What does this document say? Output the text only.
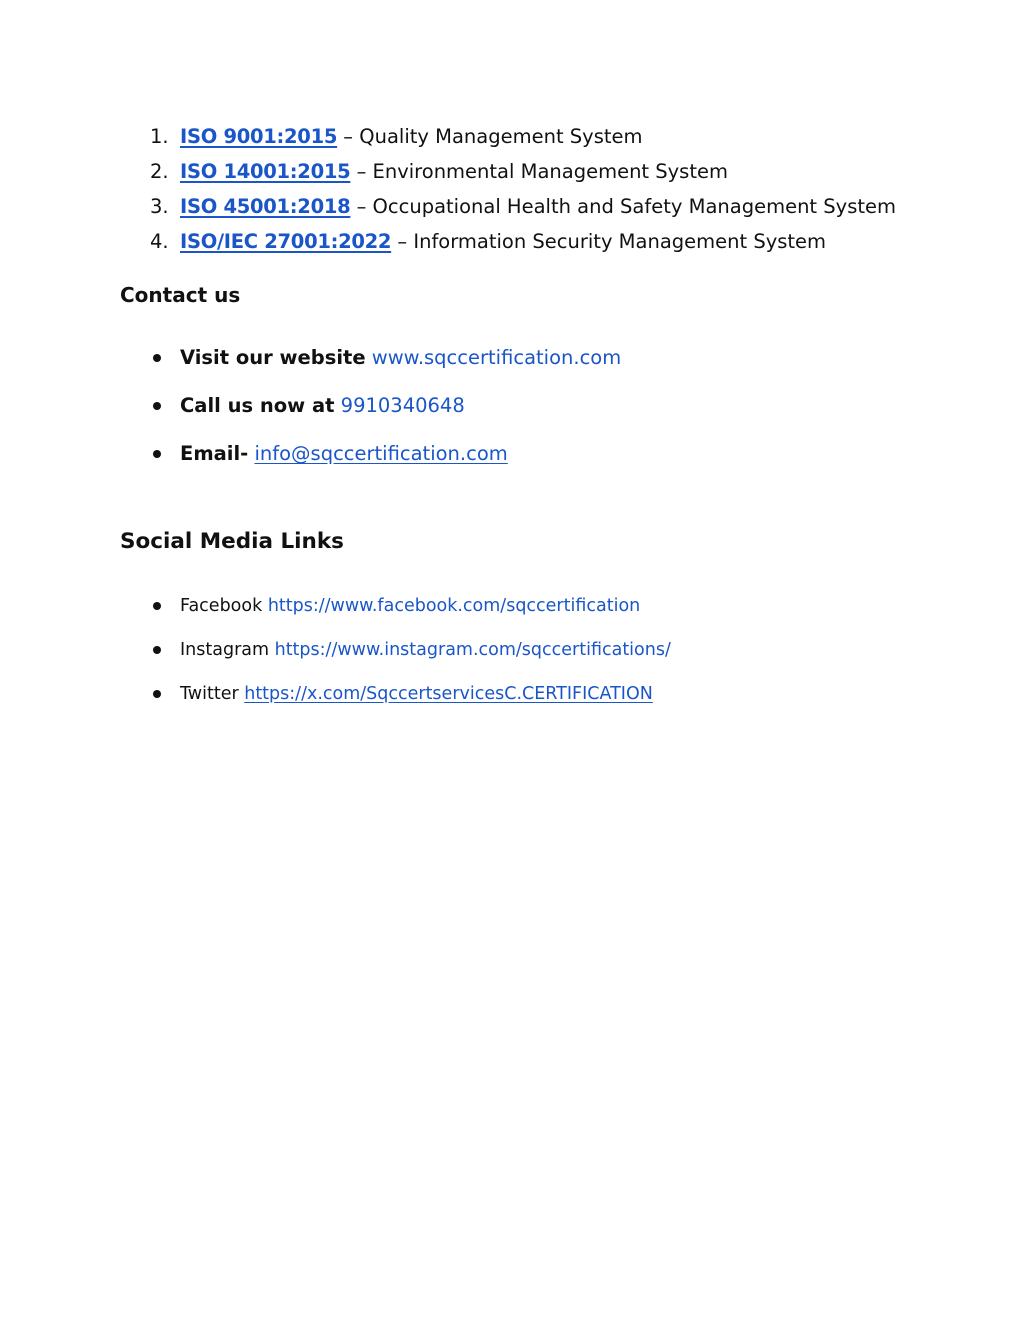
1. ISO 9001:2015 – Quality Management System
2. ISO 14001:2015 – Environmental Management System
3. ISO 45001:2018 – Occupational Health and Safety Management System
4. ISO/IEC 27001:2022 – Information Security Management System
Contact us
Visit our website www.sqccertification.com
Call us now at 9910340648
Email- info@sqccertification.com
Social Media Links
Facebook https://www.facebook.com/sqccertification
Instagram https://www.instagram.com/sqccertifications/
Twitter https://x.com/SqccertservicesC.CERTIFICATION
